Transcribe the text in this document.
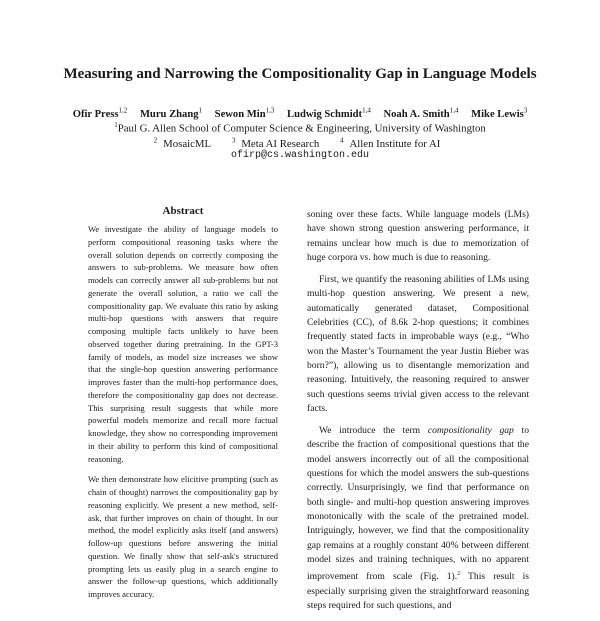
Measuring and Narrowing the Compositionality Gap in Language Models
Ofir Press$^{1,2}$ Muru Zhang$^1$ Sewon Min$^{1,3}$ Ludwig Schmidt$^{1,4}$ Noah A. Smith$^{1,4}$ Mike Lewis$^3$
$^1$Paul G. Allen School of Computer Science & Engineering, University of Washington
$^2$ MosaicML	$^3$ Meta AI Research	$^4$ Allen Institute for AI
ofirp@cs.washington.edu
Abstract

We investigate the ability of language models to perform compositional reasoning tasks where the overall solution depends on correctly composing the answers to sub-problems. We measure how often models can correctly answer all sub-problems but not generate the overall solution, a ratio we call the compositionality gap. We evaluate this ratio by asking multi-hop questions with answers that require composing multiple facts unlikely to have been observed together during pretraining. In the GPT-3 family of models, as model size increases we show that the single-hop question answering performance improves faster than the multi-hop performance does, therefore the compositionality gap does not decrease. This surprising result suggests that while more powerful models memorize and recall more factual knowledge, they show no corresponding improvement in their ability to perform this kind of compositional reasoning.

We then demonstrate how elicitive prompting (such as chain of thought) narrows the compositionality gap by reasoning explicitly. We present a new method, self-ask, that further improves on chain of thought. In our method, the model explicitly asks itself (and answers) follow-up questions before answering the initial question. We finally show that self-ask's structured prompting lets us easily plug in a search engine to answer the follow-up questions, which additionally improves accuracy.

soning over these facts. While language models (LMs) have shown strong question answering performance, it remains unclear how much is due to memorization of huge corpora vs. how much is due to reasoning.

First, we quantify the reasoning abilities of LMs using multi-hop question answering. We present a new, automatically generated dataset, Compositional Celebrities (CC), of 8.6k 2-hop questions; it combines frequently stated facts in improbable ways (e.g., “Who won the Master’s Tournament the year Justin Bieber was born?”), allowing us to disentangle memorization and reasoning. Intuitively, the reasoning required to answer such questions seems trivial given access to the relevant facts.

We introduce the term compositionality gap to describe the fraction of compositional questions that the model answers incorrectly out of all the compositional questions for which the model answers the sub-questions correctly. Unsurprisingly, we find that performance on both single- and multi-hop question answering improves monotonically with the scale of the pretrained model. Intriguingly, however, we find that the compositionality gap remains at a roughly constant 40% between different model sizes and training techniques, with no apparent improvement from scale (Fig. 1).$^2$ This result is especially surprising given the straightforward reasoning steps required for such questions, and
